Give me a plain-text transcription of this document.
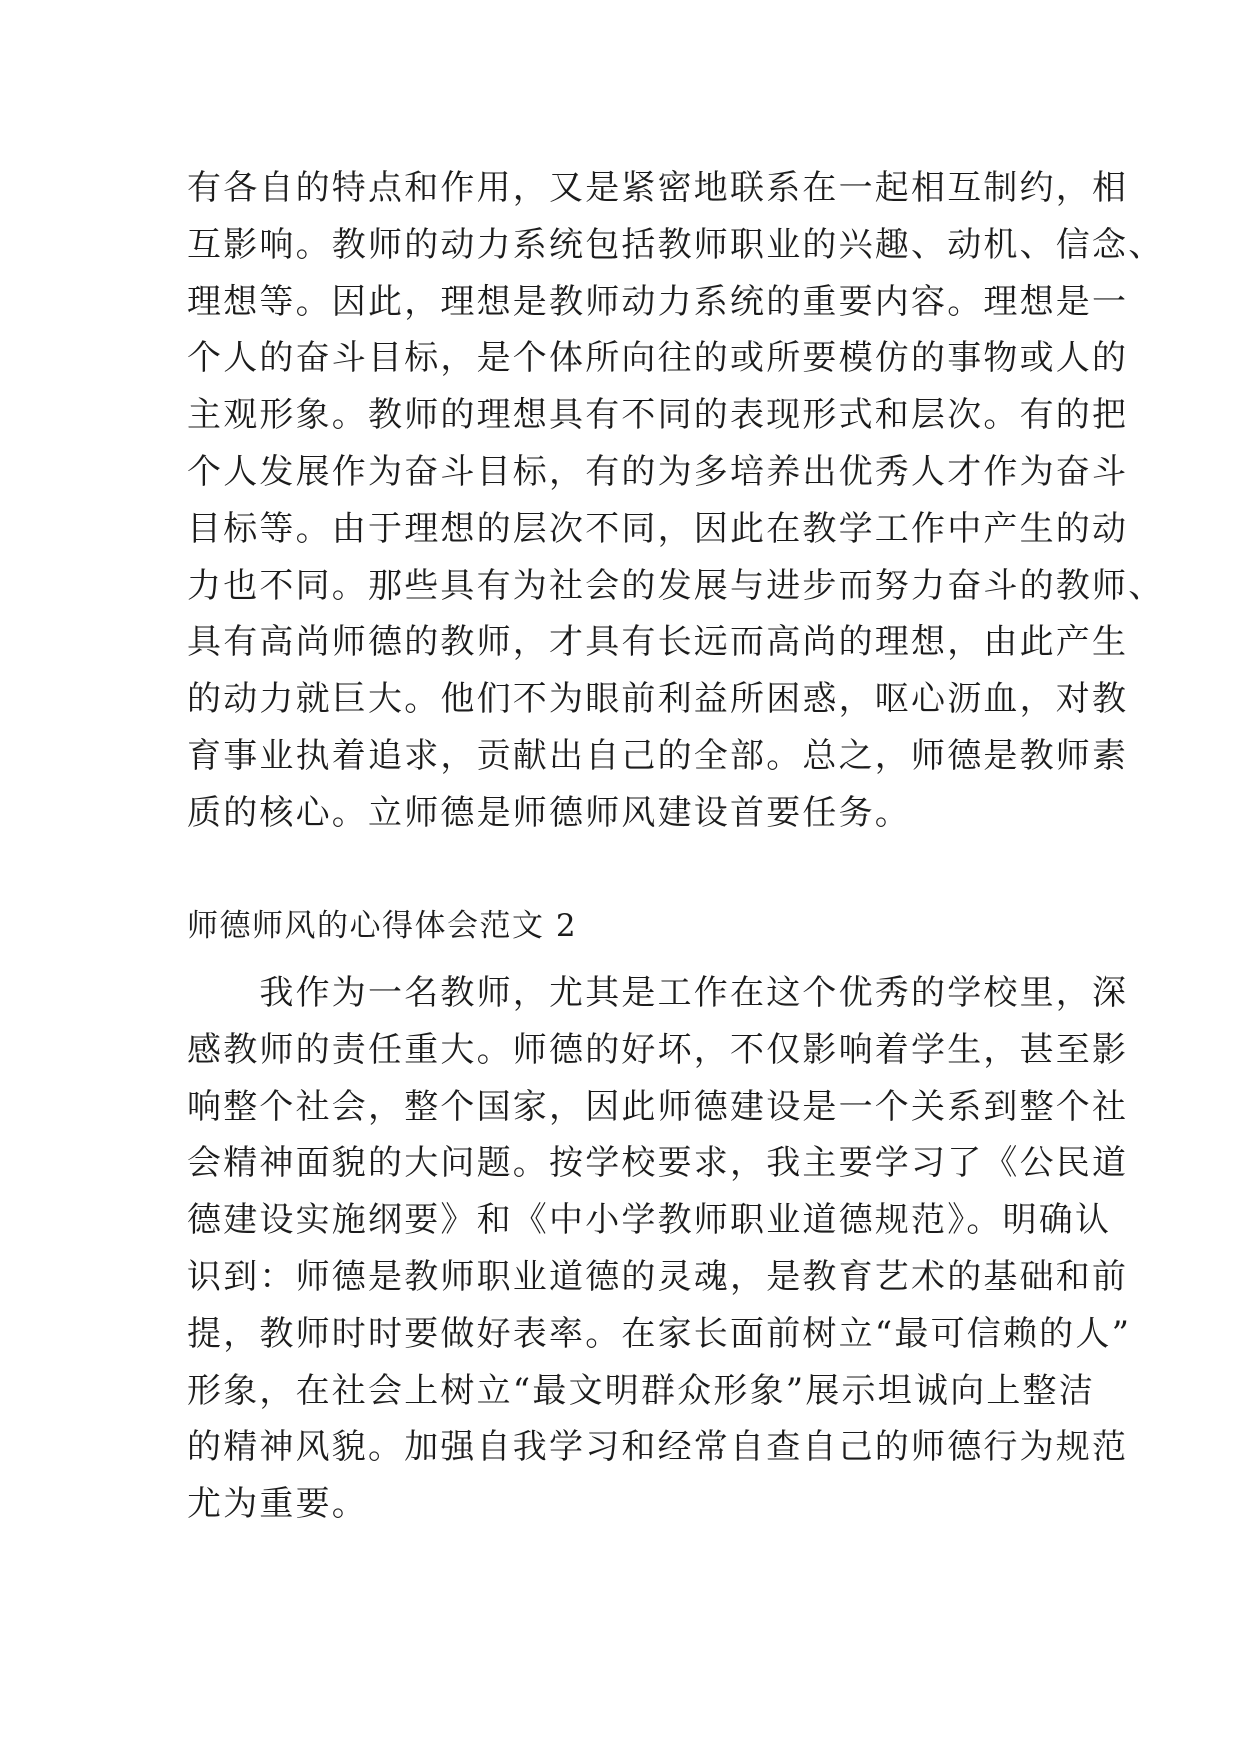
有各自的特点和作用，又是紧密地联系在一起相互制约，相
互影响。教师的动力系统包括教师职业的兴趣、动机、信念、
理想等。因此，理想是教师动力系统的重要内容。理想是一
个人的奋斗目标，是个体所向往的或所要模仿的事物或人的
主观形象。教师的理想具有不同的表现形式和层次。有的把
个人发展作为奋斗目标，有的为多培养出优秀人才作为奋斗
目标等。由于理想的层次不同，因此在教学工作中产生的动
力也不同。那些具有为社会的发展与进步而努力奋斗的教师、
具有高尚师德的教师，才具有长远而高尚的理想，由此产生
的动力就巨大。他们不为眼前利益所困惑，呕心沥血，对教
育事业执着追求，贡献出自己的全部。总之，师德是教师素
质的核心。立师德是师德师风建设首要任务。
师德师风的心得体会范文 2
　　我作为一名教师，尤其是工作在这个优秀的学校里，深
感教师的责任重大。师德的好坏，不仅影响着学生，甚至影
响整个社会，整个国家，因此师德建设是一个关系到整个社
会精神面貌的大问题。按学校要求，我主要学习了《公民道
德建设实施纲要》和《中小学教师职业道德规范》。明确认
识到：师德是教师职业道德的灵魂，是教育艺术的基础和前
提，教师时时要做好表率。在家长面前树立“最可信赖的人”
形象，在社会上树立“最文明群众形象”展示坦诚向上整洁
的精神风貌。加强自我学习和经常自查自己的师德行为规范
尤为重要。
